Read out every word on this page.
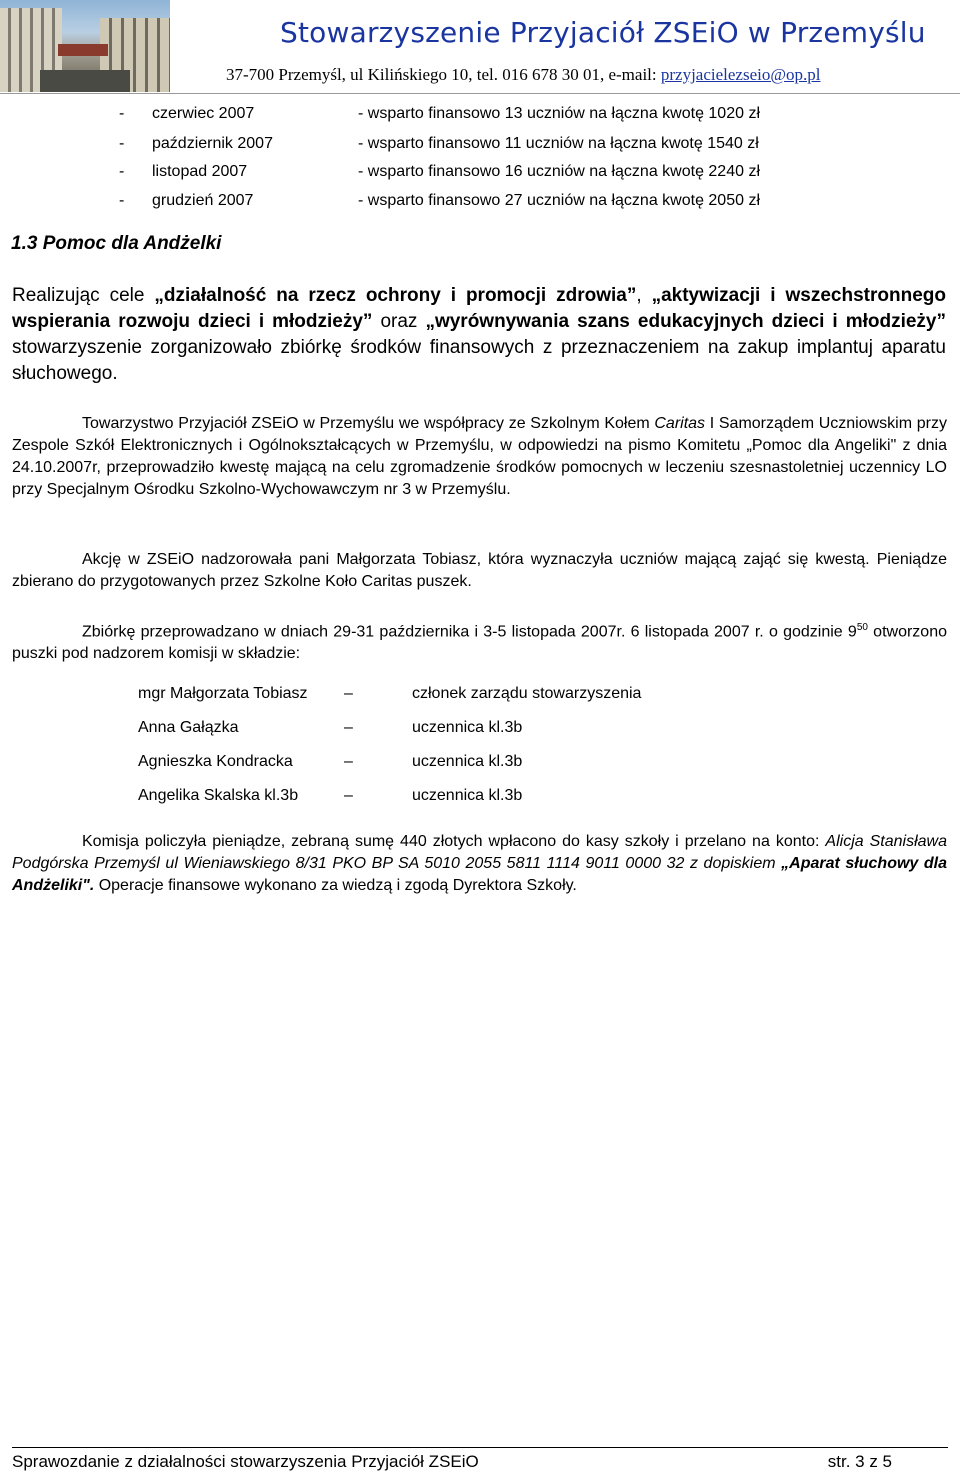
Stowarzyszenie Przyjaciół ZSEiO w Przemyślu
37-700 Przemyśl, ul Kilińskiego 10, tel. 016 678 30 01, e-mail: przyjacielezseio@op.pl
- czerwiec 2007	- wsparto finansowo 13 uczniów na łączna kwotę 1020 zł
- październik 2007	- wsparto finansowo 11 uczniów na łączna kwotę 1540 zł
- listopad 2007	- wsparto finansowo 16 uczniów na łączna kwotę 2240 zł
- grudzień 2007	- wsparto finansowo 27 uczniów na łączna kwotę 2050 zł
1.3 Pomoc dla Andżelki
Realizując cele „działalność na rzecz ochrony i promocji zdrowia”, „aktywizacji i wszechstronnego wspierania rozwoju dzieci i młodzieży” oraz „wyrównywania szans edukacyjnych dzieci i młodzieży” stowarzyszenie zorganizowało zbiórkę środków finansowych z przeznaczeniem na zakup implantuj aparatu słuchowego.
Towarzystwo Przyjaciół ZSEiO w Przemyślu we współpracy ze Szkolnym Kołem Caritas I Samorządem Uczniowskim przy Zespole Szkół Elektronicznych i Ogólnokształcących w Przemyślu, w odpowiedzi na pismo Komitetu „Pomoc dla Angeliki" z dnia 24.10.2007r, przeprowadziło kwestę mającą na celu zgromadzenie środków pomocnych w leczeniu szesnastoletniej uczennicy LO przy Specjalnym Ośrodku Szkolno-Wychowawczym nr 3 w Przemyślu.
Akcję w ZSEiO nadzorowała pani Małgorzata Tobiasz, która wyznaczyła uczniów mającą zająć się kwestą. Pieniądze zbierano do przygotowanych przez Szkolne Koło Caritas puszek.
Zbiórkę przeprowadzano w dniach 29-31 października i 3-5 listopada 2007r. 6 listopada 2007 r. o godzinie $9^{50}$ otworzono puszki pod nadzorem komisji w składzie:
mgr Małgorzata Tobiasz –	członek zarządu stowarzyszenia
Anna Gałązka	–	uczennica kl.3b
Agnieszka Kondracka	–	uczennica kl.3b
Angelika Skalska kl.3b	–	uczennica kl.3b
Komisja policzyła pieniądze, zebraną sumę 440 złotych wpłacono do kasy szkoły i przelano na konto: Alicja Stanisława Podgórska Przemyśl ul Wieniawskiego 8/31 PKO BP SA 5010 2055 5811 1114 9011 0000 32 z dopiskiem „Aparat słuchowy dla Andżeliki". Operacje finansowe wykonano za wiedzą i zgodą Dyrektora Szkoły.
Sprawozdanie z działalności stowarzyszenia Przyjaciół ZSEiO	str. 3 z 5
